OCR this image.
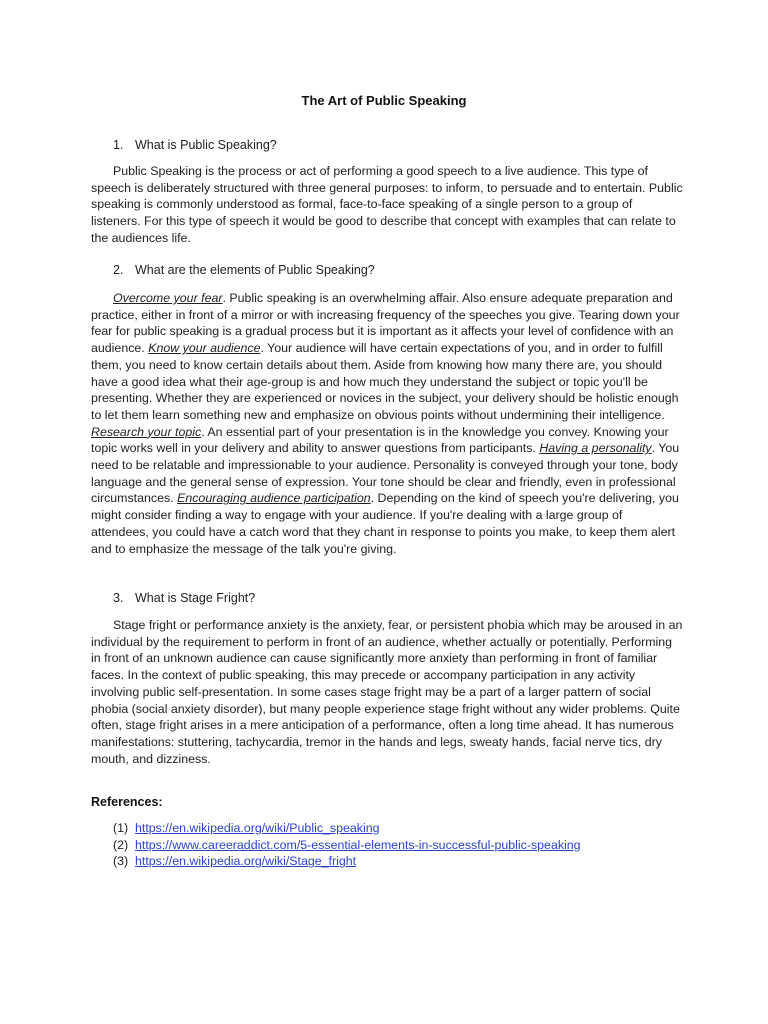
The Art of Public Speaking
1. What is Public Speaking?
Public Speaking is the process or act of performing a good speech to a live audience. This type of speech is deliberately structured with three general purposes: to inform, to persuade and to entertain. Public speaking is commonly understood as formal, face-to-face speaking of a single person to a group of listeners. For this type of speech it would be good to describe that concept with examples that can relate to the audiences life.
2. What are the elements of Public Speaking?
Overcome your fear. Public speaking is an overwhelming affair. Also ensure adequate preparation and practice, either in front of a mirror or with increasing frequency of the speeches you give. Tearing down your fear for public speaking is a gradual process but it is important as it affects your level of confidence with an audience. Know your audience. Your audience will have certain expectations of you, and in order to fulfill them, you need to know certain details about them. Aside from knowing how many there are, you should have a good idea what their age-group is and how much they understand the subject or topic you'll be presenting. Whether they are experienced or novices in the subject, your delivery should be holistic enough to let them learn something new and emphasize on obvious points without undermining their intelligence. Research your topic. An essential part of your presentation is in the knowledge you convey. Knowing your topic works well in your delivery and ability to answer questions from participants. Having a personality. You need to be relatable and impressionable to your audience. Personality is conveyed through your tone, body language and the general sense of expression. Your tone should be clear and friendly, even in professional circumstances. Encouraging audience participation. Depending on the kind of speech you're delivering, you might consider finding a way to engage with your audience. If you're dealing with a large group of attendees, you could have a catch word that they chant in response to points you make, to keep them alert and to emphasize the message of the talk you're giving.
3. What is Stage Fright?
Stage fright or performance anxiety is the anxiety, fear, or persistent phobia which may be aroused in an individual by the requirement to perform in front of an audience, whether actually or potentially. Performing in front of an unknown audience can cause significantly more anxiety than performing in front of familiar faces. In the context of public speaking, this may precede or accompany participation in any activity involving public self-presentation. In some cases stage fright may be a part of a larger pattern of social phobia (social anxiety disorder), but many people experience stage fright without any wider problems. Quite often, stage fright arises in a mere anticipation of a performance, often a long time ahead. It has numerous manifestations: stuttering, tachycardia, tremor in the hands and legs, sweaty hands, facial nerve tics, dry mouth, and dizziness.
References:
(1) https://en.wikipedia.org/wiki/Public_speaking
(2) https://www.careeraddict.com/5-essential-elements-in-successful-public-speaking
(3) https://en.wikipedia.org/wiki/Stage_fright
